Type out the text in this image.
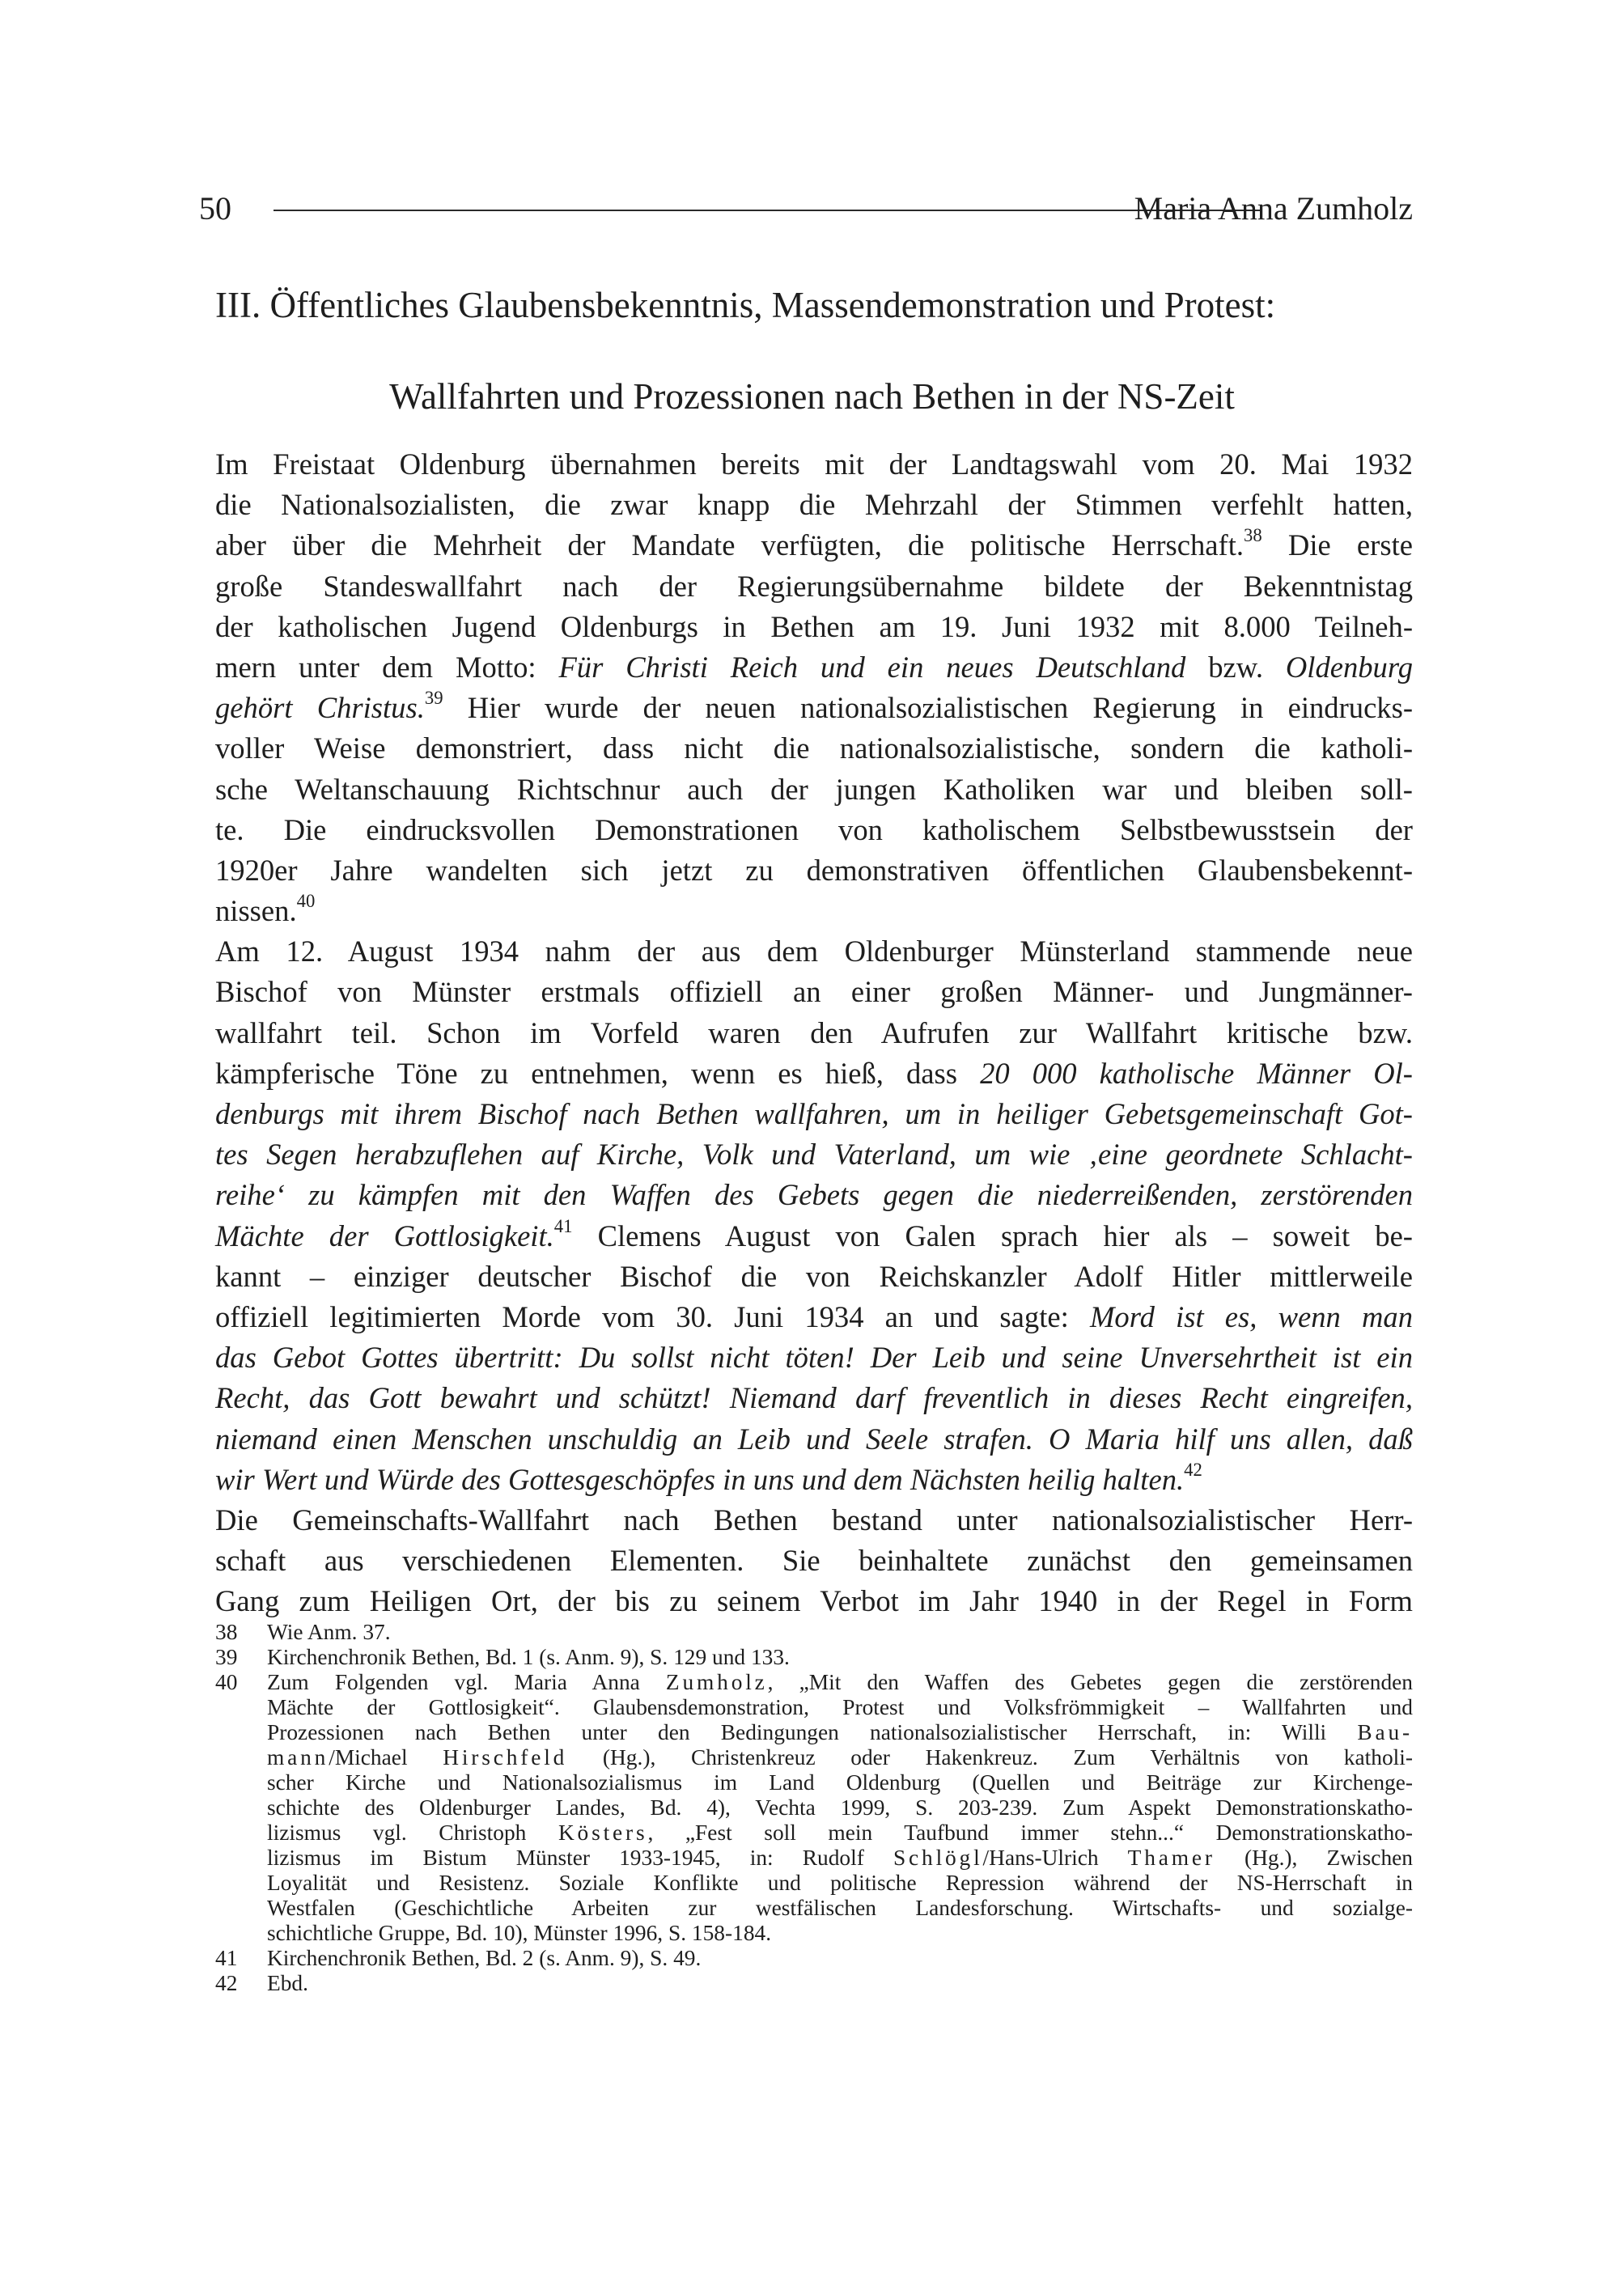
50	Maria Anna Zumholz
III. Öffentliches Glaubensbekenntnis, Massendemonstration und Protest:
Wallfahrten und Prozessionen nach Bethen in der NS-Zeit
Im Freistaat Oldenburg übernahmen bereits mit der Landtagswahl vom 20. Mai 1932
die Nationalsozialisten, die zwar knapp die Mehrzahl der Stimmen verfehlt hatten,
aber über die Mehrheit der Mandate verfügten, die politische Herrschaft.$^{38}$ Die erste
große Standeswallfahrt nach der Regierungsübernahme bildete der Bekenntnistag
der katholischen Jugend Oldenburgs in Bethen am 19. Juni 1932 mit 8.000 Teilneh-
mern unter dem Motto: Für Christi Reich und ein neues Deutschland bzw. Oldenburg
gehört Christus.$^{39}$ Hier wurde der neuen nationalsozialistischen Regierung in eindrucks-
voller Weise demonstriert, dass nicht die nationalsozialistische, sondern die katholi-
sche Weltanschauung Richtschnur auch der jungen Katholiken war und bleiben soll-
te. Die eindrucksvollen Demonstrationen von katholischem Selbstbewusstsein der
1920er Jahre wandelten sich jetzt zu demonstrativen öffentlichen Glaubensbekennt-
nissen.$^{40}$
Am 12. August 1934 nahm der aus dem Oldenburger Münsterland stammende neue
Bischof von Münster erstmals offiziell an einer großen Männer- und Jungmänner-
wallfahrt teil. Schon im Vorfeld waren den Aufrufen zur Wallfahrt kritische bzw.
kämpferische Töne zu entnehmen, wenn es hieß, dass 20 000 katholische Männer Ol-
denburgs mit ihrem Bischof nach Bethen wallfahren, um in heiliger Gebetsgemeinschaft Got-
tes Segen herabzuflehen auf Kirche, Volk und Vaterland, um wie ‚eine geordnete Schlacht-
reihe‘ zu kämpfen mit den Waffen des Gebets gegen die niederreißenden, zerstörenden
Mächte der Gottlosigkeit.$^{41}$ Clemens August von Galen sprach hier als – soweit be-
kannt – einziger deutscher Bischof die von Reichskanzler Adolf Hitler mittlerweile
offiziell legitimierten Morde vom 30. Juni 1934 an und sagte: Mord ist es, wenn man
das Gebot Gottes übertritt: Du sollst nicht töten! Der Leib und seine Unversehrtheit ist ein
Recht, das Gott bewahrt und schützt! Niemand darf freventlich in dieses Recht eingreifen,
niemand einen Menschen unschuldig an Leib und Seele strafen. O Maria hilf uns allen, daß
wir Wert und Würde des Gottesgeschöpfes in uns und dem Nächsten heilig halten.$^{42}$
Die Gemeinschafts-Wallfahrt nach Bethen bestand unter nationalsozialistischer Herr-
schaft aus verschiedenen Elementen. Sie beinhaltete zunächst den gemeinsamen
Gang zum Heiligen Ort, der bis zu seinem Verbot im Jahr 1940 in der Regel in Form
38 Wie Anm. 37.
39 Kirchenchronik Bethen, Bd. 1 (s. Anm. 9), S. 129 und 133.
40 Zum Folgenden vgl. Maria Anna Zumholz, „Mit den Waffen des Gebetes gegen die zerstörenden
Mächte der Gottlosigkeit“. Glaubensdemonstration, Protest und Volksfrömmigkeit – Wallfahrten und
Prozessionen nach Bethen unter den Bedingungen nationalsozialistischer Herrschaft, in: Willi Bau-
mann/Michael Hirschfeld (Hg.), Christenkreuz oder Hakenkreuz. Zum Verhältnis von katholi-
scher Kirche und Nationalsozialismus im Land Oldenburg (Quellen und Beiträge zur Kirchenge-
schichte des Oldenburger Landes, Bd. 4), Vechta 1999, S. 203-239. Zum Aspekt Demonstrationskatho-
lizismus vgl. Christoph Kösters, „Fest soll mein Taufbund immer stehn...“ Demonstrationskatho-
lizismus im Bistum Münster 1933-1945, in: Rudolf Schlögl/Hans-Ulrich Thamer (Hg.), Zwischen
Loyalität und Resistenz. Soziale Konflikte und politische Repression während der NS-Herrschaft in
Westfalen (Geschichtliche Arbeiten zur westfälischen Landesforschung. Wirtschafts- und sozialge-
schichtliche Gruppe, Bd. 10), Münster 1996, S. 158-184.
41 Kirchenchronik Bethen, Bd. 2 (s. Anm. 9), S. 49.
42 Ebd.
